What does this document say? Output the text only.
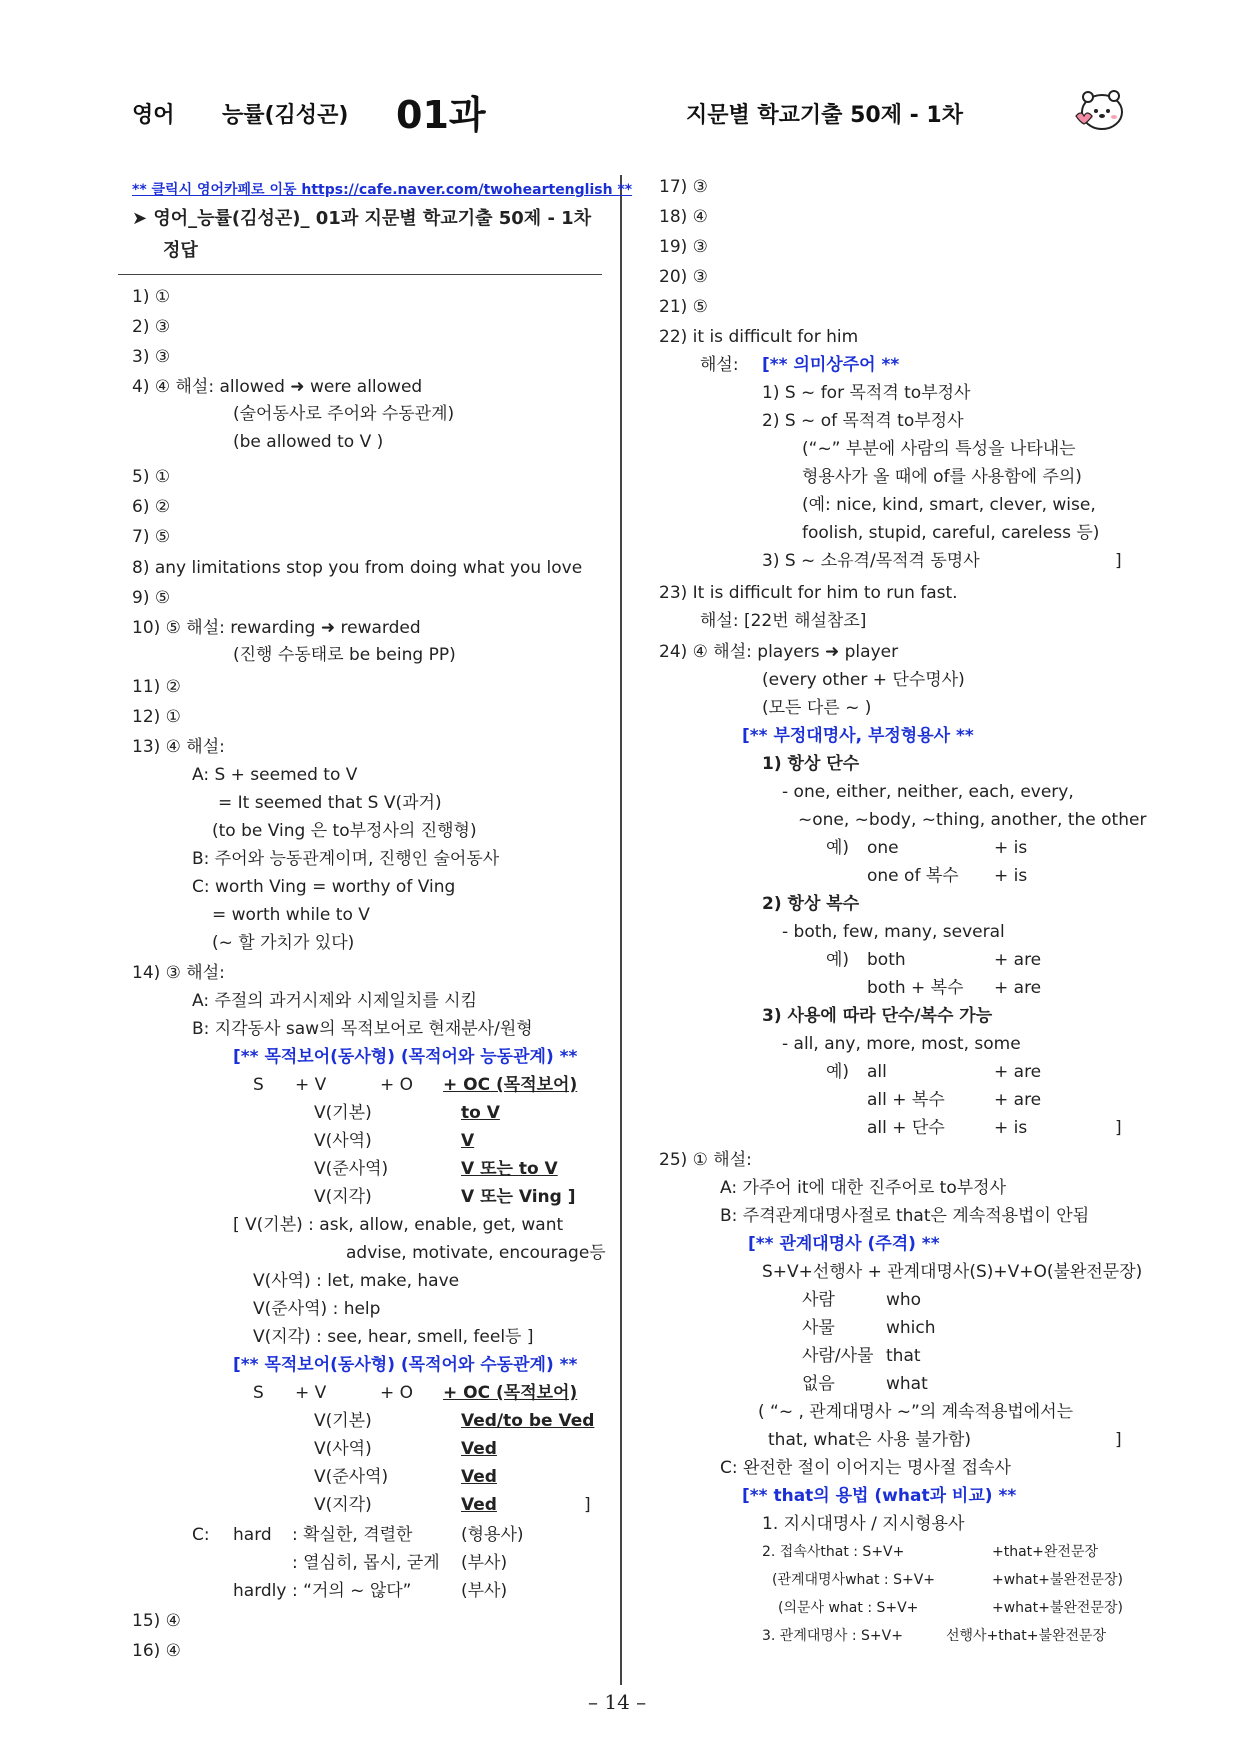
영어 능률(김성곤) 01과	지문별 학교기출 50제 - 1차
** 클릭시 영어카페로 이동 https://cafe.naver.com/twoheartenglish **
➤ 영어_능률(김성곤)_ 01과 지문별 학교기출 50제 - 1차
정답
1) ①
2) ③
3) ③
4) ④ 해설: allowed ➜ were allowed
(술어동사로 주어와 수동관계)
(be allowed to V )
5) ①
6) ②
7) ⑤
8) any limitations stop you from doing what you love
9) ⑤
10) ⑤ 해설: rewarding ➜ rewarded
(진행 수동태로 be being PP)
11) ②
12) ①
13) ④ 해설:
A: S + seemed to V
= It seemed that S V(과거)
(to be Ving 은 to부정사의 진행형)
B: 주어와 능동관계이며, 진행인 술어동사
C: worth Ving = worthy of Ving
= worth while to V
(~ 할 가치가 있다)
14) ③ 해설:
A: 주절의 과거시제와 시제일치를 시킴
B: 지각동사 saw의 목적보어로 현재분사/원형
[** 목적보어(동사형) (목적어와 능동관계) **
S + V	+ O + OC (목적보어)
V(기본)	to V
V(사역)	V
V(준사역)	V 또는 to V
V(지각)	V 또는 Ving ]
[ V(기본) : ask, allow, enable, get, want
advise, motivate, encourage등
V(사역) : let, make, have
V(준사역) : help
V(지각) : see, hear, smell, feel등 ]
[** 목적보어(동사형) (목적어와 수동관계) **
S + V	+ O + OC (목적보어)
V(기본)	Ved/to be Ved
V(사역)	Ved
V(준사역)	Ved
V(지각)	Ved	]
C: hard : 확실한, 격렬한	(형용사)
: 열심히, 몹시, 굳게 (부사)
hardly : “거의 ~ 않다”	(부사)
15) ④
16) ④
17) ③
18) ④
19) ③
20) ③
21) ⑤
22) it is difficult for him
해설: [** 의미상주어 **
1) S ~ for 목적격 to부정사
2) S ~ of 목적격 to부정사
(“~” 부분에 사람의 특성을 나타내는
형용사가 올 때에 of를 사용함에 주의)
(예: nice, kind, smart, clever, wise,
foolish, stupid, careful, careless 등)
3) S ~ 소유격/목적격 동명사	]
23) It is difficult for him to run fast.
해설: [22번 해설참조]
24) ④ 해설: players ➜ player
(every other + 단수명사)
(모든 다른 ~ )
[** 부정대명사, 부정형용사 **
1) 항상 단수
- one, either, neither, each, every,
~one, ~body, ~thing, another, the other
예) one	+ is
one of 복수 + is
2) 항상 복수
- both, few, many, several
예) both	+ are
both + 복수 + are
3) 사용에 따라 단수/복수 가능
- all, any, more, most, some
예) all	+ are
all + 복수	+ are
all + 단수	+ is	]
25) ① 해설:
A: 가주어 it에 대한 진주어로 to부정사
B: 주격관계대명사절로 that은 계속적용법이 안됨
[** 관계대명사 (주격) **
S+V+선행사 + 관계대명사(S)+V+O(불완전문장)
사람	who
사물	which
사람/사물 that
없음	what
( “~ , 관계대명사 ~”의 계속적용법에서는
that, what은 사용 불가함)	]
C: 완전한 절이 이어지는 명사절 접속사
[** that의 용법 (what과 비교) **
1. 지시대명사 / 지시형용사
2. 접속사that : S+V+	+that+완전문장
(관계대명사what : S+V+	+what+불완전문장)
(의문사 what : S+V+	+what+불완전문장)
3. 관계대명사 : S+V+	선행사+that+불완전문장
– 14 –
